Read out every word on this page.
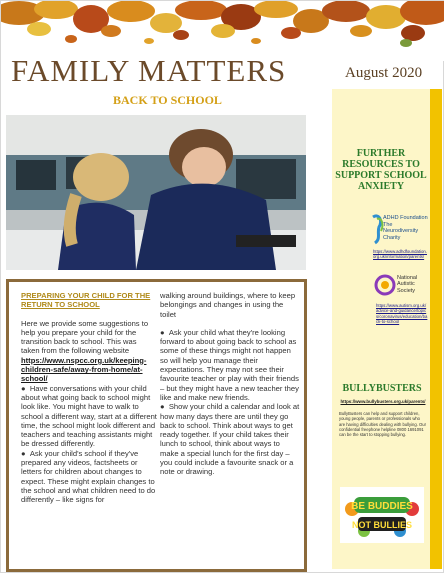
FAMILY MATTERS	August 2020
BACK TO SCHOOL
FURTHER RESOURCES TO SUPPORT SCHOOL ANXIETY
ADHD Foundation
The Neurodiversity Charity
https://www.adhdfoundation.org.uk/information/parents/
National Autistic Society
https://www.autism.org.uk/advice-and-guidance/topics/coronavirus/education/back-to-school
BULLYBUSTERS
https://www.bullybusters.org.uk/parents/
BullyBusters can help and support children, young people, parents or professionals who are having difficulties dealing with bullying. Our confidential freephone helpline 0800 1691091 can be the start to stopping bullying.
BE BUDDIES
NOT BULLIES
PREPARING YOUR CHILD FOR THE RETURN TO SCHOOL

Here we provide some suggestions to help you prepare your child for the transition back to school. This was taken from the following website https://www.nspcc.org.uk/keeping-children-safe/away-from-home/at-school/

●  Have conversations with your child about what going back to school might look like. You might have to walk to school a different way, start at a different time, the school might look different and teachers and teaching assistants might be dressed differently.

●  Ask your child's school if they've prepared any videos, factsheets or letters for children about changes to expect. These might explain changes to the school and what children need to do differently – like signs for

walking around buildings, where to keep belongings and changes in using the

toilet

●  Ask your child what they're looking forward to about going back to school as some of these things might not happen so will help you manage their expectations. They may not see their favourite teacher or play with their friends – but they might have a new teacher they like and make new friends.

●  Show your child a calendar and look at how many days there are until they go back to school. Think about ways to get ready together. If your child takes their lunch to school, think about ways to make a special lunch for the first day – you could include a favourite snack or a note or drawing.
